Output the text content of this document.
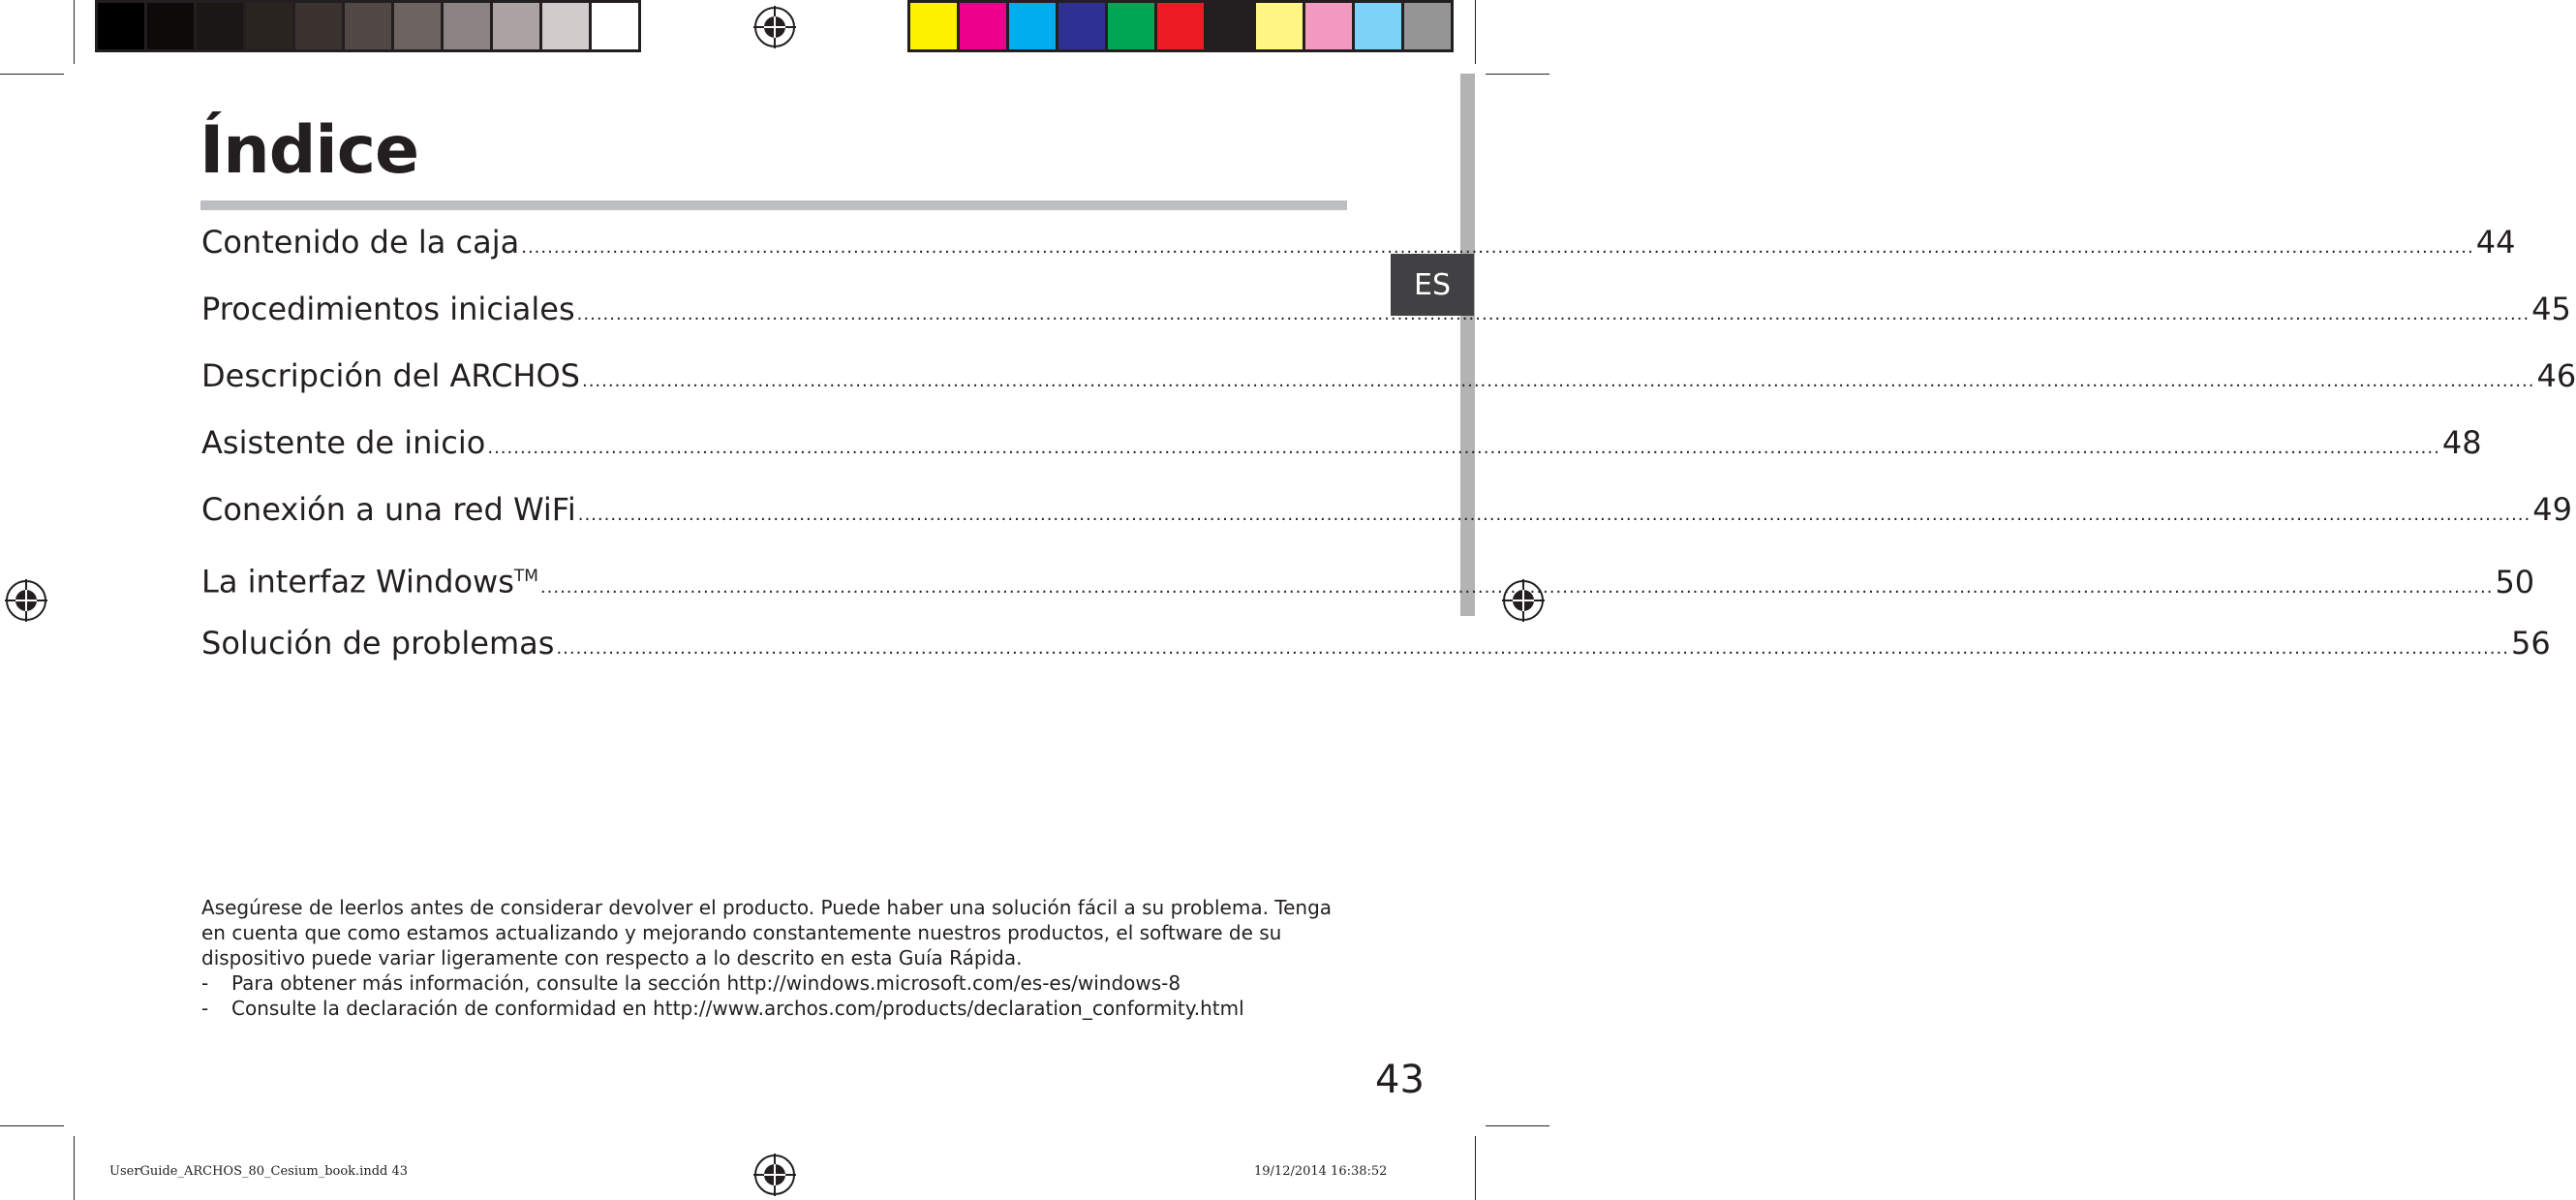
ES
Índice
Contenido de la caja ............................................................................................................................................................................................................................................................................................................ 44
Procedimientos iniciales ............................................................................................................................................................................................................................................................................................................ 45
Descripción del ARCHOS ............................................................................................................................................................................................................................................................................................................ 46
Asistente de inicio ............................................................................................................................................................................................................................................................................................................ 48
Conexión a una red WiFi ............................................................................................................................................................................................................................................................................................................ 49
La interfaz Windows™
............................................................................................................................................................................................................................................................................................................ 50
Solución de problemas ............................................................................................................................................................................................................................................................................................................ 56

Asegúrese de leerlos antes de considerar devolver el producto. Puede haber una solución fácil a su problema. Tenga en cuenta que como estamos actualizando y mejorando constantemente nuestros productos, el software de su dispositivo puede variar ligeramente con respecto a lo descrito en esta Guía Rápida.

- Para obtener más información, consulte la sección http://windows.microsoft.com/es-es/windows-8
- Consulte la declaración de conformidad en http://www.archos.com/products/declaration_conformity.html
43
UserGuide_ARCHOS_80_Cesium_book.indd 43	19/12/2014 16:38:52
